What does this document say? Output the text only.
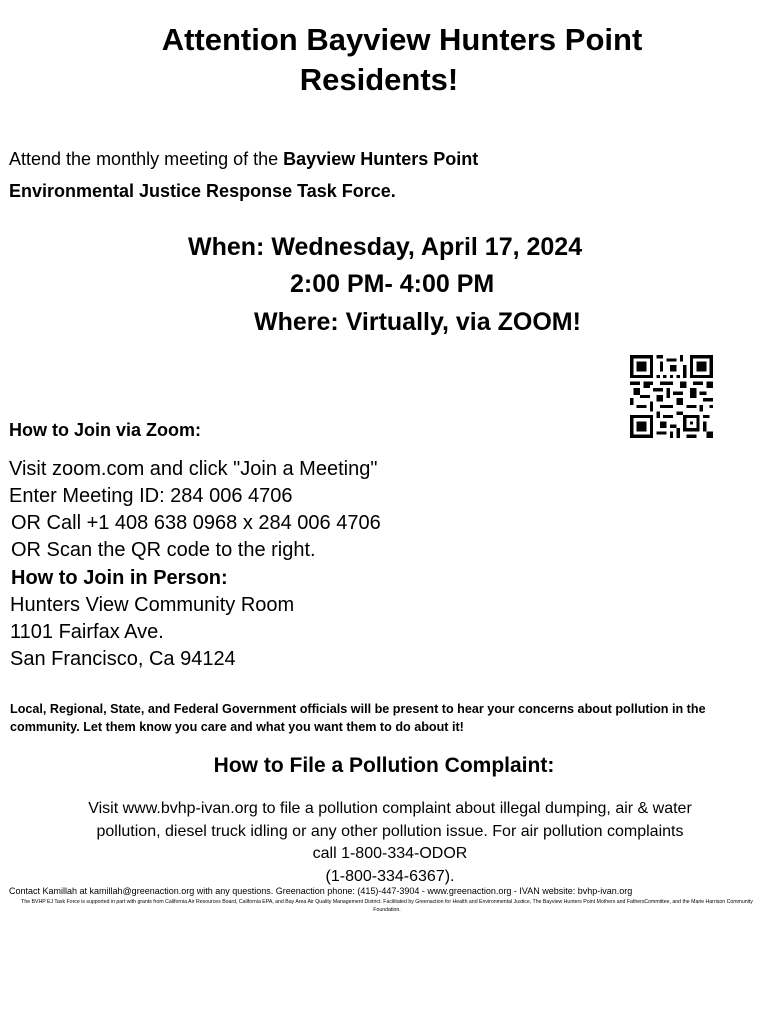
Attention Bayview Hunters Point
Residents!
Attend the monthly meeting of the Bayview Hunters Point
Environmental Justice Response Task Force.
When: Wednesday, April 17, 2024
2:00 PM- 4:00 PM
Where: Virtually, via ZOOM!
How to Join via Zoom:
Visit zoom.com and click "Join a Meeting"
Enter Meeting ID: 284 006 4706
OR Call +1 408 638 0968 x 284 006 4706
OR Scan the QR code to the right.
How to Join in Person:
Hunters View Community Room
1101 Fairfax Ave.
San Francisco, Ca 94124
Local, Regional, State, and Federal Government officials will be present to hear your concerns about pollution in the community. Let them know you care and what you want them to do about it!
How to File a Pollution Complaint:
Visit www.bvhp-ivan.org to file a pollution complaint about illegal dumping, air & water
pollution, diesel truck idling or any other pollution issue. For air pollution complaints
call 1-800-334-ODOR
(1-800-334-6367).
Contact Kamillah at kamillah@greenaction.org with any questions. Greenaction phone: (415)-447-3904 - www.greenaction.org - IVAN website: bvhp-ivan.org
The BVHP EJ Task Force is supported in part with grants from California Air Resources Board, California EPA, and Bay Area Air Quality Management District. Facilitated by Greenaction for Health and Environmental Justice, The Bayview Hunters Point Mothers and FathersCommittee, and the Marie Harrison Community Foundation.
